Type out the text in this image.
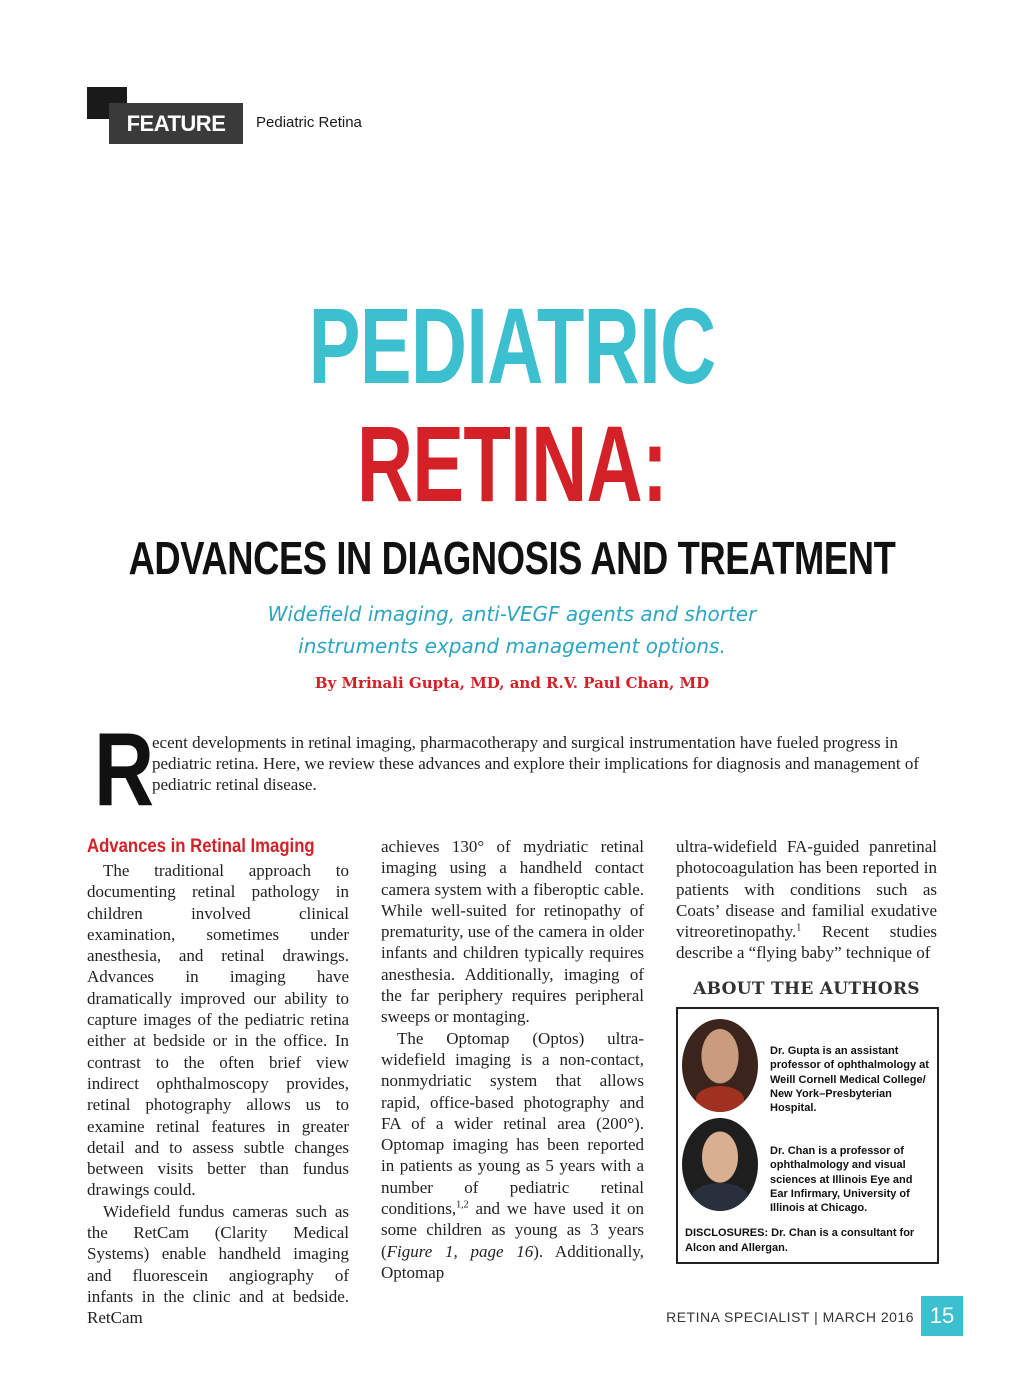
FEATURE	Pediatric Retina
PEDIATRIC
RETINA:
ADVANCES IN DIAGNOSIS AND TREATMENT
Widefield imaging, anti-VEGF agents and shorter
instruments expand management options.
By Mrinali Gupta, MD, and R.V. Paul Chan, MD
R
ecent developments in retinal imaging, pharmacotherapy and surgical instrumentation have fueled progress in pediatric retina. Here, we review these advances and explore their implications for diagnosis and management of pediatric retinal disease.
Advances in Retinal Imaging

The traditional approach to documenting retinal pathology in children involved clinical examination, sometimes under anesthesia, and retinal drawings. Advances in imaging have dramatically improved our ability to capture images of the pediatric retina either at bedside or in the office. In contrast to the often brief view indirect ophthalmoscopy provides, retinal photography allows us to examine retinal features in greater detail and to assess subtle changes between visits better than fundus drawings could.

Widefield fundus cameras such as the RetCam (Clarity Medical Systems) enable handheld imaging and fluorescein angiography of infants in the clinic and at bedside. RetCam

achieves 130° of mydriatic retinal imaging using a handheld contact camera system with a fiberoptic cable. While well-suited for retinopathy of prematurity, use of the camera in older infants and children typically requires anesthesia. Additionally, imaging of the far periphery requires peripheral sweeps or montaging.

The Optomap (Optos) ultra-widefield imaging is a non-contact, nonmydriatic system that allows rapid, office-based photography and FA of a wider retinal area (200°). Optomap imaging has been reported in patients as young as 5 years with a number of pediatric retinal conditions,$^{1,2}$ and we have used it on some children as young as 3 years (Figure 1, page 16). Additionally, Optomap

ultra-widefield FA-guided panretinal photocoagulation has been reported in patients with conditions such as Coats’ disease and familial exudative vitreoretinopathy.$^1$ Recent studies describe a “flying baby” technique of

ABOUT THE AUTHORS
Dr. Gupta is an assistant professor of ophthalmology at Weill Cornell Medical College/ New York–Presbyterian Hospital.
Dr. Chan is a professor of ophthalmology and visual sciences at Illinois Eye and Ear Infirmary, University of Illinois at Chicago.
DISCLOSURES: Dr. Chan is a consultant for Alcon and Allergan.
RETINA SPECIALIST | MARCH 2016 15
